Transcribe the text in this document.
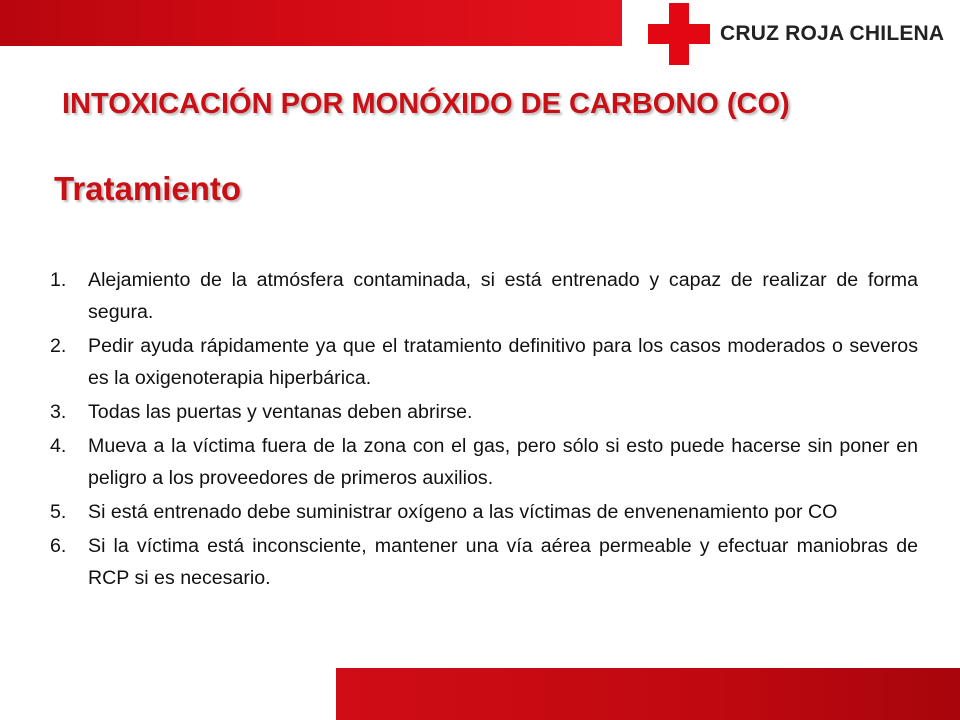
CRUZ ROJA CHILENA
INTOXICACIÓN POR MONÓXIDO DE CARBONO (CO)
Tratamiento
1.	Alejamiento de la atmósfera contaminada, si está entrenado y capaz de realizar de forma segura.
2.	Pedir ayuda rápidamente ya que el tratamiento definitivo para los casos moderados o severos es la oxigenoterapia hiperbárica.
3.	Todas las puertas y ventanas deben abrirse.
4.	Mueva a la víctima fuera de la zona con el gas, pero sólo si esto puede hacerse sin poner en peligro a los proveedores de primeros auxilios.
5.	Si está entrenado debe suministrar oxígeno a las víctimas de envenenamiento por CO
6.	Si la víctima está inconsciente, mantener una vía aérea permeable y efectuar maniobras de RCP si es necesario.
